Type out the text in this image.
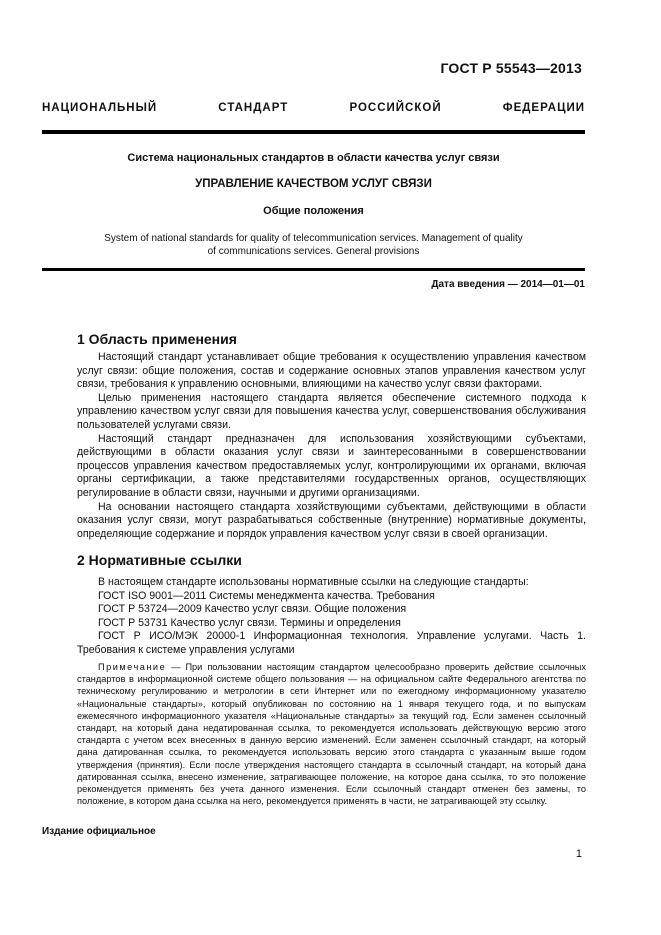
ГОСТ Р 55543—2013
НАЦИОНАЛЬНЫЙ СТАНДАРТ РОССИЙСКОЙ ФЕДЕРАЦИИ
Система национальных стандартов в области качества услуг связи
УПРАВЛЕНИЕ КАЧЕСТВОМ УСЛУГ СВЯЗИ
Общие положения
System of national standards for quality of telecommunication services. Management of quality
of communications services. General provisions
Дата введения — 2014—01—01
1 Область применения

Настоящий стандарт устанавливает общие требования к осуществлению управления качеством услуг связи: общие положения, состав и содержание основных этапов управления качеством услуг связи, требования к управлению основными, влияющими на качество услуг связи факторами.

Целью применения настоящего стандарта является обеспечение системного подхода к управлению качеством услуг связи для повышения качества услуг, совершенствования обслуживания пользователей услугами связи.

Настоящий стандарт предназначен для использования хозяйствующими субъектами, действующими в области оказания услуг связи и заинтересованными в совершенствовании процессов управления качеством предоставляемых услуг, контролирующими их органами, включая органы сертификации, а также представителями государственных органов, осуществляющих регулирование в области связи, научными и другими организациями.

На основании настоящего стандарта хозяйствующими субъектами, действующими в области оказания услуг связи, могут разрабатываться собственные (внутренние) нормативные документы, определяющие содержание и порядок управления качеством услуг связи в своей организации.

2 Нормативные ссылки

В настоящем стандарте использованы нормативные ссылки на следующие стандарты:

ГОСТ ISO 9001—2011 Системы менеджмента качества. Требования

ГОСТ Р 53724—2009 Качество услуг связи. Общие положения

ГОСТ Р 53731 Качество услуг связи. Термины и определения

ГОСТ Р ИСО/МЭК 20000-1 Информационная технология. Управление услугами. Часть 1. Требования к системе управления услугами

Примечание — При пользовании настоящим стандартом целесообразно проверить действие ссылочных стандартов в информационной системе общего пользования — на официальном сайте Федерального агентства по техническому регулированию и метрологии в сети Интернет или по ежегодному информационному указателю «Национальные стандарты», который опубликован по состоянию на 1 января текущего года, и по выпускам ежемесячного информационного указателя «Национальные стандарты» за текущий год. Если заменен ссылочный стандарт, на который дана недатированная ссылка, то рекомендуется использовать действующую версию этого стандарта с учетом всех внесенных в данную версию изменений. Если заменен ссылочный стандарт, на который дана датированная ссылка, то рекомендуется использовать версию этого стандарта с указанным выше годом утверждения (принятия). Если после утверждения настоящего стандарта в ссылочный стандарт, на который дана датированная ссылка, внесено изменение, затрагивающее положение, на которое дана ссылка, то это положение рекомендуется применять без учета данного изменения. Если ссылочный стандарт отменен без замены, то положение, в котором дана ссылка на него, рекомендуется применять в части, не затрагивающей эту ссылку.

Издание официальное
1
